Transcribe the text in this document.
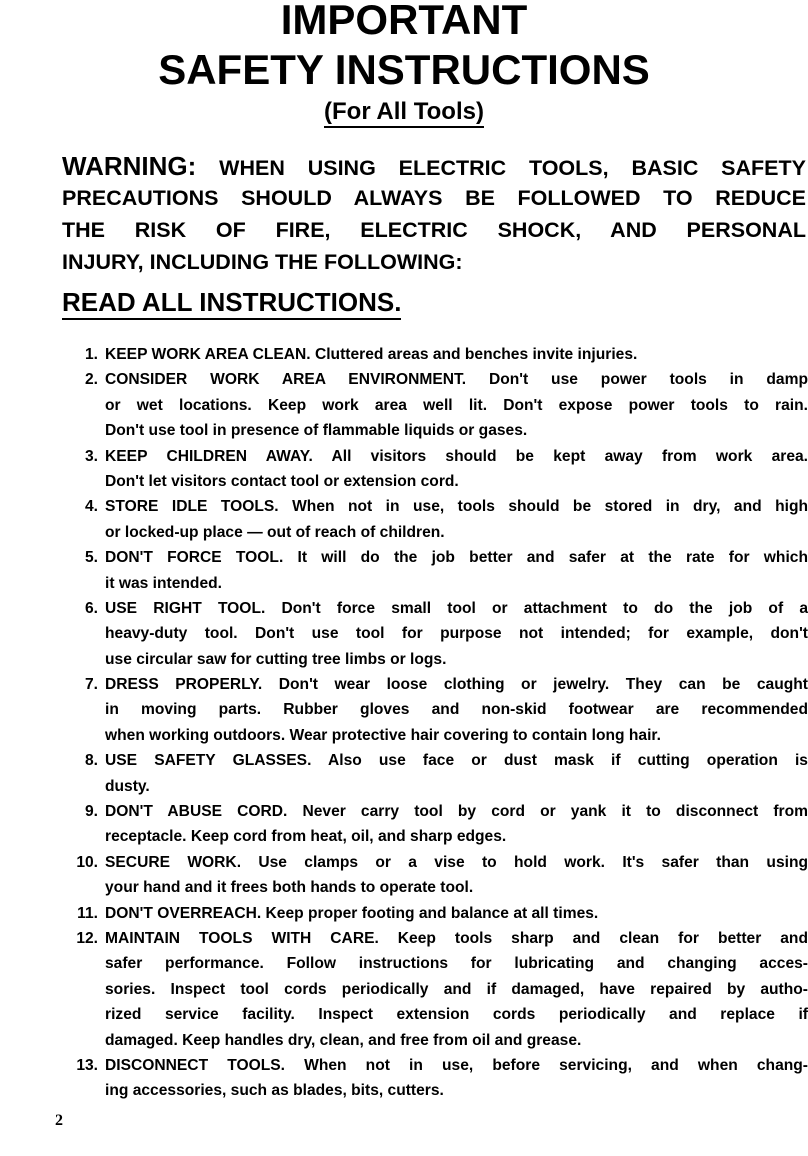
IMPORTANT
SAFETY INSTRUCTIONS
(For All Tools)
WARNING: WHEN USING ELECTRIC TOOLS, BASIC SAFETY
PRECAUTIONS SHOULD ALWAYS BE FOLLOWED TO REDUCE
THE RISK OF FIRE, ELECTRIC SHOCK, AND PERSONAL
INJURY, INCLUDING THE FOLLOWING:
READ ALL INSTRUCTIONS.
1. KEEP WORK AREA CLEAN. Cluttered areas and benches invite injuries.
2. CONSIDER WORK AREA ENVIRONMENT. Don't use power tools in damp
or wet locations. Keep work area well lit. Don't expose power tools to rain.
Don't use tool in presence of flammable liquids or gases.
3. KEEP CHILDREN AWAY. All visitors should be kept away from work area.
Don't let visitors contact tool or extension cord.
4. STORE IDLE TOOLS. When not in use, tools should be stored in dry, and high
or locked-up place — out of reach of children.
5. DON'T FORCE TOOL. It will do the job better and safer at the rate for which
it was intended.
6. USE RIGHT TOOL. Don't force small tool or attachment to do the job of a
heavy-duty tool. Don't use tool for purpose not intended; for example, don't
use circular saw for cutting tree limbs or logs.
7. DRESS PROPERLY. Don't wear loose clothing or jewelry. They can be caught
in moving parts. Rubber gloves and non-skid footwear are recommended
when working outdoors. Wear protective hair covering to contain long hair.
8. USE SAFETY GLASSES. Also use face or dust mask if cutting operation is
dusty.
9. DON'T ABUSE CORD. Never carry tool by cord or yank it to disconnect from
receptacle. Keep cord from heat, oil, and sharp edges.
10. SECURE WORK. Use clamps or a vise to hold work. It's safer than using
your hand and it frees both hands to operate tool.
11. DON'T OVERREACH. Keep proper footing and balance at all times.
12. MAINTAIN TOOLS WITH CARE. Keep tools sharp and clean for better and
safer performance. Follow instructions for lubricating and changing acces-
sories. Inspect tool cords periodically and if damaged, have repaired by autho-
rized service facility. Inspect extension cords periodically and replace if
damaged. Keep handles dry, clean, and free from oil and grease.
13. DISCONNECT TOOLS. When not in use, before servicing, and when chang-
ing accessories, such as blades, bits, cutters.
2
